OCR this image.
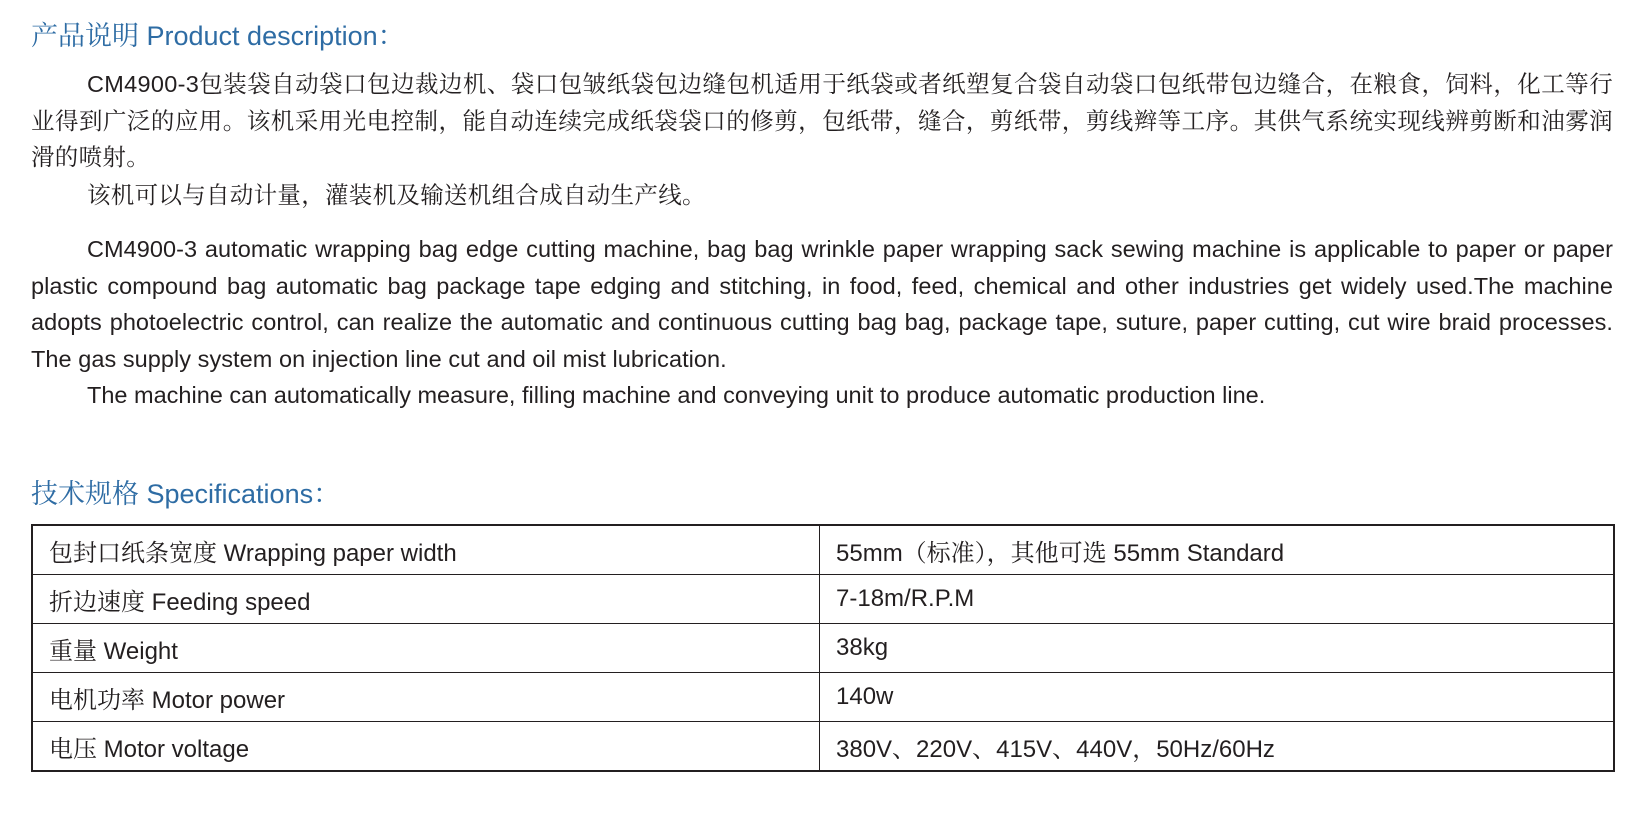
产品说明 Product description：

CM4900-3包装袋自动袋口包边裁边机、袋口包皱纸袋包边缝包机适用于纸袋或者纸塑复合袋自动袋口包纸带包边缝合，在粮食，饲料，化工等行业得到广泛的应用。该机采用光电控制，能自动连续完成纸袋袋口的修剪，包纸带，缝合，剪纸带，剪线辫等工序。其供气系统实现线辨剪断和油雾润滑的喷射。

该机可以与自动计量，灌装机及输送机组合成自动生产线。

CM4900-3 automatic wrapping bag edge cutting machine, bag bag wrinkle paper wrapping sack sewing machine is applicable to paper or paper plastic compound bag automatic bag package tape edging and stitching, in food, feed, chemical and other industries get widely used.The machine adopts photoelectric control, can realize the automatic and continuous cutting bag bag, package tape, suture, paper cutting, cut wire braid processes. The gas supply system on injection line cut and oil mist lubrication.

The machine can automatically measure, filling machine and conveying unit to produce automatic production line.

技术规格 Specifications：
包封口纸条宽度 Wrapping paper width	55mm（标准），其他可选 55mm Standard
折边速度 Feeding speed	7-18m/R.P.M
重量 Weight	38kg
电机功率 Motor power	140w
电压 Motor voltage	380V、220V、415V、440V，50Hz/60Hz
